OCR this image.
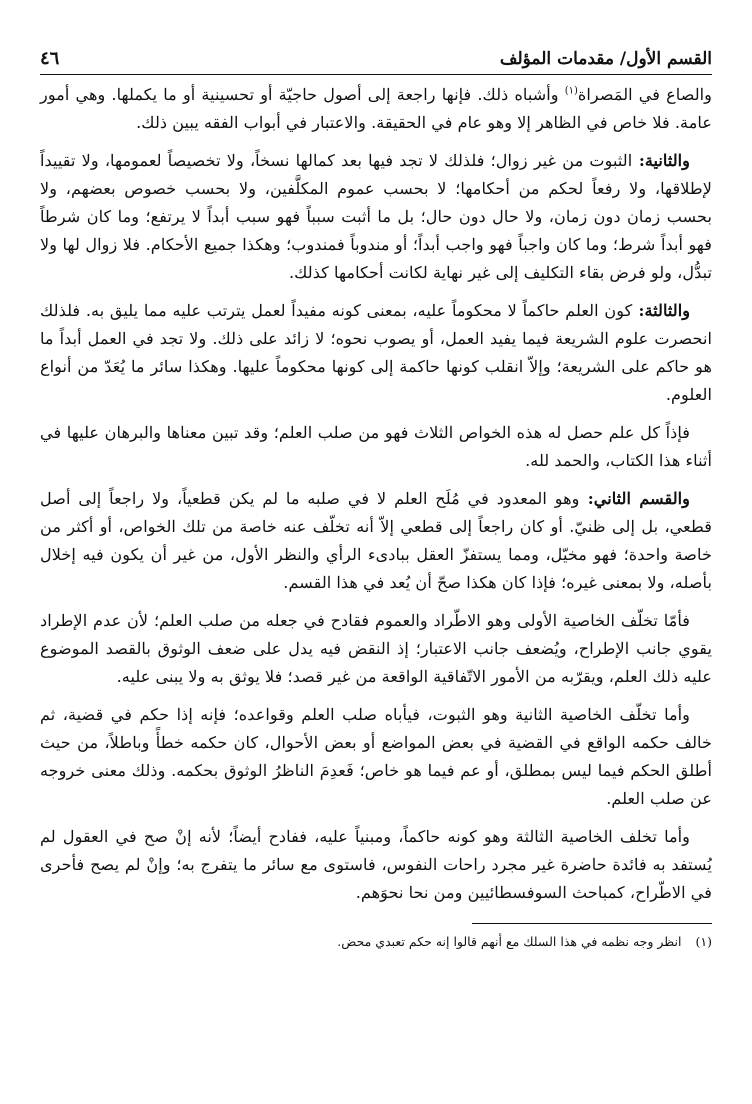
القسم الأول/ مقدمات المؤلف
٤٦

والصاع في المَصراة$^{(١)}$ وأشباه ذلك. فإنها راجعة إلى أصول حاجيّة أو تحسينية أو ما يكملها. وهي أمور عامة. فلا خاص في الظاهر إلا وهو عام في الحقيقة. والاعتبار في أبواب الفقه يبين ذلك.

والثانية: الثبوت من غير زوال؛ فلذلك لا تجد فيها بعد كمالها نسخاً، ولا تخصيصاً لعمومها، ولا تقييداً لإطلاقها، ولا رفعاً لحكم من أحكامها؛ لا بحسب عموم المكلَّفين، ولا بحسب خصوص بعضهم، ولا بحسب زمان دون زمان، ولا حال دون حال؛ بل ما أثبت سبباً فهو سبب أبداً لا يرتفع؛ وما كان شرطاً فهو أبداً شرط؛ وما كان واجباً فهو واجب أبداً؛ أو مندوباً فمندوب؛ وهكذا جميع الأحكام. فلا زوال لها ولا تبدُّل، ولو فرض بقاء التكليف إلى غير نهاية لكانت أحكامها كذلك.

والثالثة: كون العلم حاكماً لا محكوماً عليه، بمعنى كونه مفيداً لعمل يترتب عليه مما يليق به. فلذلك انحصرت علوم الشريعة فيما يفيد العمل، أو يصوب نحوه؛ لا زائد على ذلك. ولا تجد في العمل أبداً ما هو حاكم على الشريعة؛ وإلاّ انقلب كونها حاكمة إلى كونها محكوماً عليها. وهكذا سائر ما يُعَدّ من أنواع العلوم.

فإذاً كل علم حصل له هذه الخواص الثلاث فهو من صلب العلم؛ وقد تبين معناها والبرهان عليها في أثناء هذا الكتاب، والحمد لله.

والقسم الثاني: وهو المعدود في مُلَح العلم لا في صلبه ما لم يكن قطعياً، ولا راجعاً إلى أصل قطعي، بل إلى ظنيّ. أو كان راجعاً إلى قطعي إلاّ أنه تخلّف عنه خاصة من تلك الخواص، أو أكثر من خاصة واحدة؛ فهو مخيّل، ومما يستفزّ العقل ببادىء الرأي والنظر الأول، من غير أن يكون فيه إخلال بأصله، ولا بمعنى غيره؛ فإذا كان هكذا صحّ أن يُعد في هذا القسم.

فأمّا تخلّف الخاصية الأولى وهو الاطّراد والعموم فقادح في جعله من صلب العلم؛ لأن عدم الإطراد يقوي جانب الإطراح، ويُضعف جانب الاعتبار؛ إذ النقض فيه يدل على ضعف الوثوق بالقصد الموضوع عليه ذلك العلم، ويقرّبه من الأمور الاتّفاقية الواقعة من غير قصد؛ فلا يوثق به ولا يبنى عليه.

وأما تخلّف الخاصية الثانية وهو الثبوت، فيأباه صلب العلم وقواعده؛ فإنه إذا حكم في قضية، ثم خالف حكمه الواقع في القضية في بعض المواضع أو بعض الأحوال، كان حكمه خطأً وباطلاً، من حيث أطلق الحكم فيما ليس بمطلق، أو عم فيما هو خاص؛ فَعدِمَ الناظرُ الوثوق بحكمه. وذلك معنى خروجه عن صلب العلم.

وأما تخلف الخاصية الثالثة وهو كونه حاكماً، ومبنياً عليه، ففادح أيضاً؛ لأنه إنْ صح في العقول لم يُستفد به فائدة حاضرة غير مجرد راحات النفوس، فاستوى مع سائر ما يتفرج به؛ وإنْ لم يصح فأحرى في الاطّراح، كمباحث السوفسطائيين ومن نحا نحوَهم.

(١)
انظر وجه نظمه في هذا السلك مع أنهم قالوا إنه حكم تعبدي محض.
